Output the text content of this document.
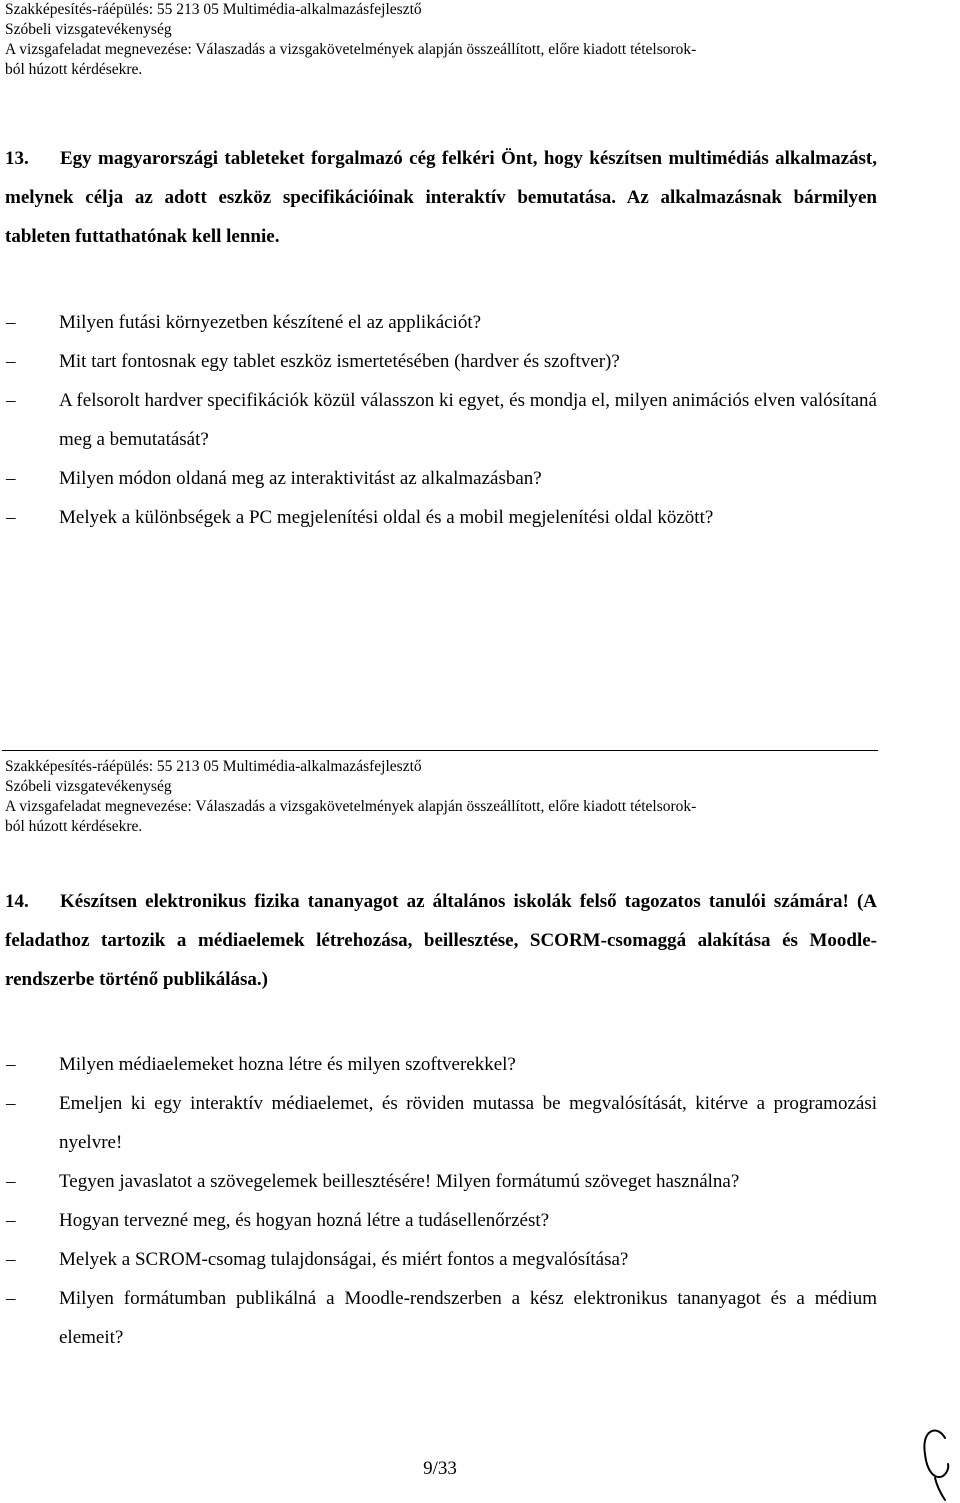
Szakképesítés-ráépülés: 55 213 05 Multimédia-alkalmazásfejlesztő
Szóbeli vizsgatevékenység
A vizsgafeladat megnevezése: Válaszadás a vizsgakövetelmények alapján összeállított, előre kiadott tételsorok-
ból húzott kérdésekre.

13. Egy magyarországi tableteket forgalmazó cég felkéri Önt, hogy készítsen multimédiás alkalmazást, melynek célja az adott eszköz specifikációinak interaktív bemutatása. Az alkalmazásnak bármilyen tableten futtathatónak kell lennie.

–	Milyen futási környezetben készítené el az applikációt?
–	Mit tart fontosnak egy tablet eszköz ismertetésében (hardver és szoftver)?
–	A felsorolt hardver specifikációk közül válasszon ki egyet, és mondja el, milyen animációs elven valósítaná meg a bemutatását?
–	Milyen módon oldaná meg az interaktivitást az alkalmazásban?
–	Melyek a különbségek a PC megjelenítési oldal és a mobil megjelenítési oldal között?
Szakképesítés-ráépülés: 55 213 05 Multimédia-alkalmazásfejlesztő
Szóbeli vizsgatevékenység
A vizsgafeladat megnevezése: Válaszadás a vizsgakövetelmények alapján összeállított, előre kiadott tételsorok-
ból húzott kérdésekre.

14. Készítsen elektronikus fizika tananyagot az általános iskolák felső tagozatos tanulói számára! (A feladathoz tartozik a médiaelemek létrehozása, beillesztése, SCORM-csomaggá alakítása és Moodle-rendszerbe történő publikálása.)

–	Milyen médiaelemeket hozna létre és milyen szoftverekkel?
–	Emeljen ki egy interaktív médiaelemet, és röviden mutassa be megvalósítását, kitérve a programozási nyelvre!
–	Tegyen javaslatot a szövegelemek beillesztésére! Milyen formátumú szöveget használna?
–	Hogyan tervezné meg, és hogyan hozná létre a tudásellenőrzést?
–	Melyek a SCROM-csomag tulajdonságai, és miért fontos a megvalósítása?
–	Milyen formátumban publikálná a Moodle-rendszerben a kész elektronikus tananyagot és a médium elemeit?
9/33
